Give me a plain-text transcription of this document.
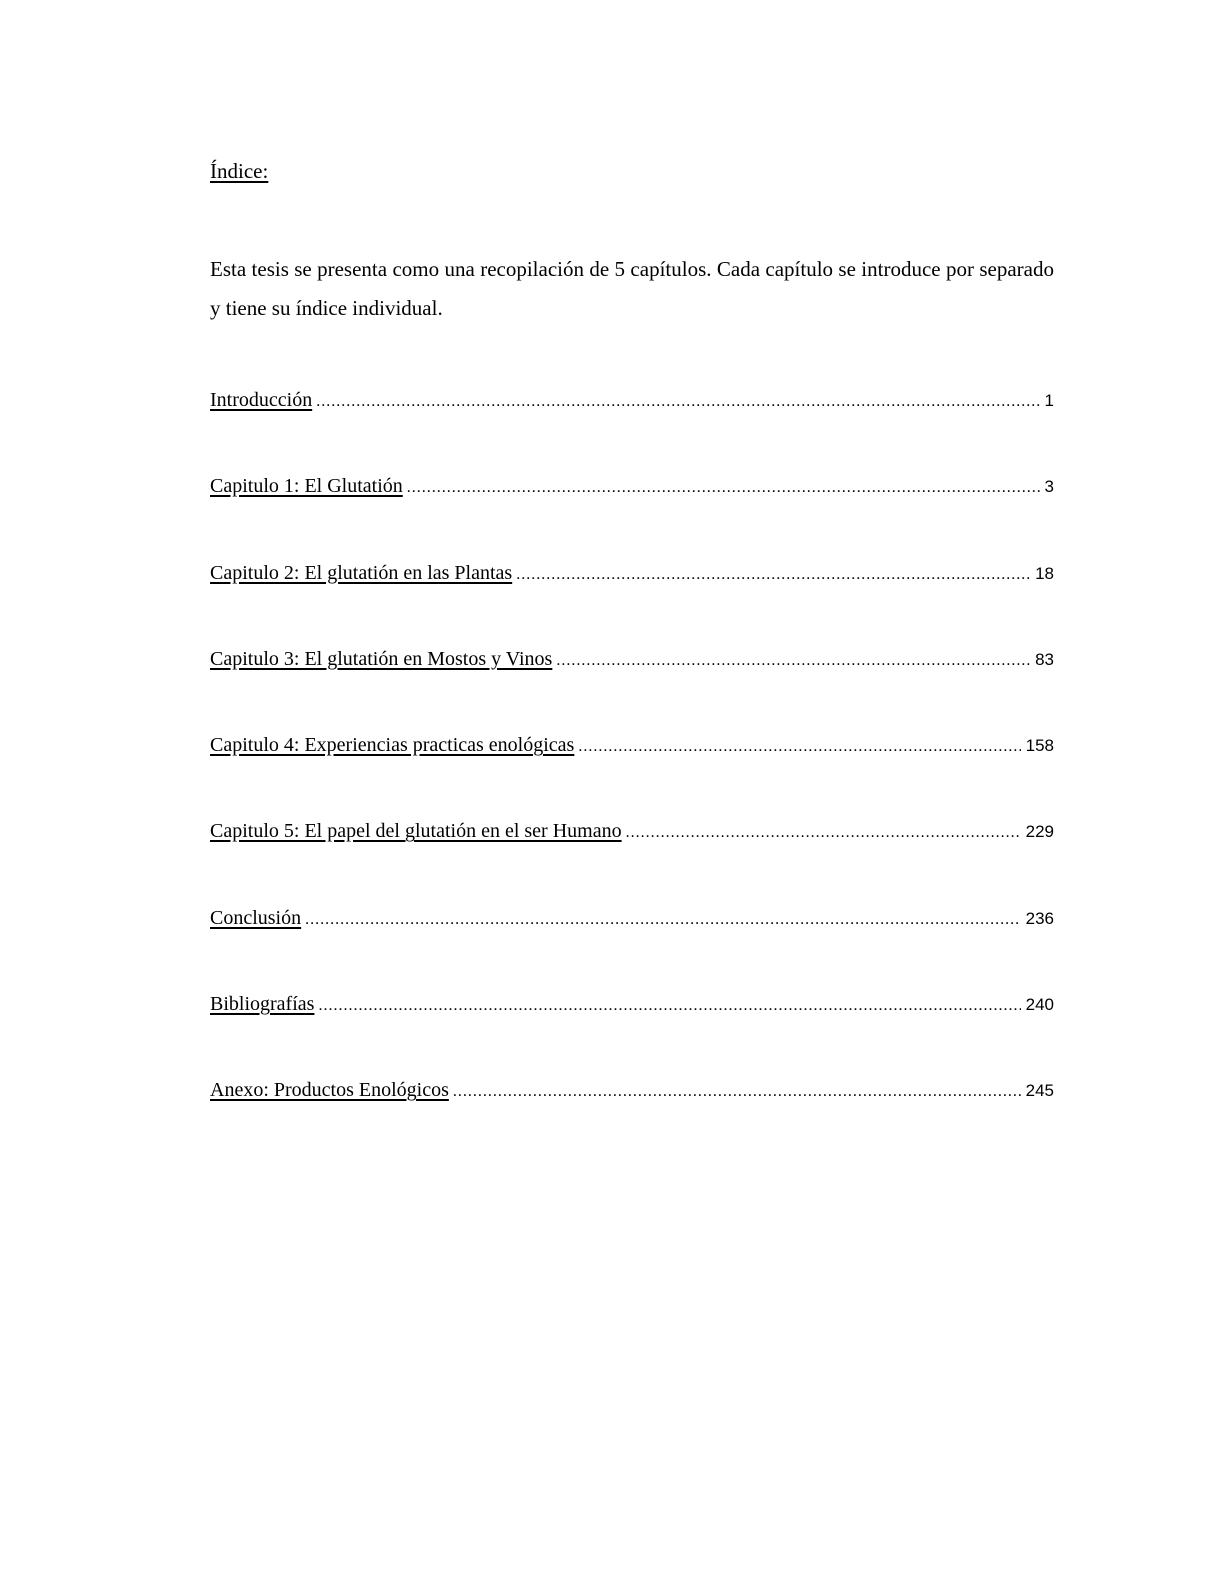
Índice:

Esta tesis se presenta como una recopilación de 5 capítulos. Cada capítulo se introduce por separado y tiene su índice individual.

Introducción .....	1
Capitulo 1: El Glutatión .....	3
Capitulo 2: El glutatión en las Plantas .....	18
Capitulo 3: El glutatión en Mostos y Vinos .....	83
Capitulo 4: Experiencias practicas enológicas .....	158
Capitulo 5: El papel del glutatión en el ser Humano .....	229
Conclusión .....	236
Bibliografías .....	240
Anexo: Productos Enológicos .....	245
